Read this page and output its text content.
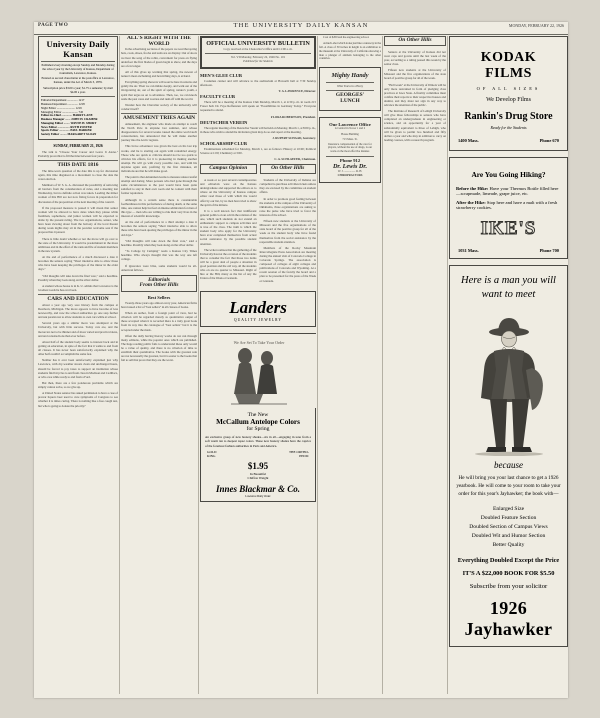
PAGE TWO	THE UNIVERSITY DAILY KANSAN	MONDAY, FEBRUARY 22, 1926
University Daily Kansan

Published every morning except Sunday and Monday during the school year by the University of Kansas, Department of Journalism, Lawrence, Kansas.

Entered as second class matter at the postoffice at Lawrence, Kansas, under the Act of March 3, 1879.

Subscription price $3.00 a year; $1.75 a semester; by mail $4.00 a year.

Editorial Department .............. 1217
Business Department .............. 1218
Night Editor ........................ 1219
Managing Editor ..................... 745
Editor-in-Chief .............. HARRY LANE
Business Manager ....... JOHN H. CRAMER
Managing Editor ........ WAYNE H. SHORT
News Editor ................ RUTH FOSTER
Sports Editor .............. PAUL BARKER
Society Editor ......... MARGARET SLOAN
SUNDAY, FEBRUARY 21, 1926

The talk is "Choose Your Career and Leave It Alone." Probably proverbial to fill the time between four years.

THIS DATE 1816

The time-worn question of the date this is up for discussion again, this time disguised as a movement to close the date the water election.

Members of W. S. G. A. discussed the possibility of removing all barriers from the consideration of rules, and a meeting last Wednesday, but no definite action was taken. Leading the minor women of this Hill are not now fixing forces in preparation for discussion of the proposition at the next meeting of the council.

If the proposed measure is passed it will mean that senior women will be allowed to have dates when they please while freshman, sophomore, and junior women will be expected to abide by the present ruling. The two organizations, senior, who have been viewing about from the balcony of the local theater during week nights may sit in the peculiar welcome seat if the proposal has it passed.

There is little doubt whether or not the move will go over to the state of the University. It would be predominant in the more ambitious and in the effort of the rank and file of student members in the new system.

At the end of performance of a much discussed a date it becomes the seniors saying "Short intensive able to allow those who have been keeping the privileges of the minor in the older days."

"Old thoughts will take down the final vote," said a headline. Possibly when they look along on the silver dollar.

A student whose house is in K. U. admits that Lawrence is the loveliest roads he has ever been.

CARS AND EDUCATION

About a year ago very sore history from the campus at Dearborn, Michigan. The move appears to have become of less noteworthy, and now the school authorities go one step further and ask parents not to allow students to own cars while at school.

Several years ago a similar move was attempted at the University, but with little success. Today cars are, and the motorcars not to be thinner and of more varied and practical sizes, and and constructions than ever before.

About half of the student body seems to interest back and in getting an education, in spite of the fact that it walks to and from all classes. It has never been satisfactorily explained why the other half couldn't accomplish the same feat.

Neither has it ever been satisfactorily explained just why Lawrence, with dry-weather streets clean and unchanged hours, should be forced to pay taxes to support an institution whose students find bicycles to and from class in Madison and Cadillacs, or who owe while ready to and from a Ford.

But then, there are a few ponderous problems which are simply cannot solve, so we give up.

A United States senator has asked permission to have a case of prewar liquors beer used to cure symptoms of Congress to see whether it is times curing. There is nothing like a free cough test, but who is going to donate the priority?

ALL'S RIGHT WITH THE
WORLD

In the advertising sections of the papers we read that spring hats, coats, shoes, frocks and suits are on display. Out of doors we hear the song of the robin, convenient for press on flying underfoot the first blades of green begin to show, and the days are a few longer.

All of this gives up warning that spring, the newest of nature's most enchanting and bewitching days, is at hand.

Everything spring showers will soon be here in returns and gently the air. Then we can inhale deeply, and walk out of the invigorating air, out of the spirit of spring, nature's youth, a spirit that urges us on to adventure. Then, too, we can knock aside the past cares and worries and rush off with the world.

Wonder how the Chevalier society of the university will conduct itself?

AMUSEMENT TRIES AGAIN

Amusement, the engineer who made an attempt to reach the North Pole in airplane last summer, and whose disappearance for several weeks caused the entire world such consternation, has announced that he will make another journey into the Arctic regions.

This brave adventurer was given the best on his last trip works, and he is starting out again with redoubled energy. Those who are quick to criticize should not be too quick to criticize his efforts, for it is pioneering in making another attempt. He will go with every possible care, and with his airplane again and, profiting by the first mistakes, all indications are that he will make good.

The point is that Amundsen learns to measure unsuccessful attempt and daring. More persons who had gone through the same circumstances to the past would have been quite satisfied to stay in their own room and be content with their former reputation.

Although in a certain sense there is considerable foolhardiness in this performance of daring death, at the same time, one cannot help but feel an intense admiration for men of this type — men who are willing to risk their very lives in the interest of scientific knowledge.

At the end of performance in a third attempt a date it becomes the seniors saying "Short intensive able to allow these who have been quoting the privileges of the minor in the old days."

"Old thoughts will take down the final vote," said a headline. Possibly when they look along on the silver dollar.

"To College by Camping" reads a Kansas City Times headline. Who always thought that was the way one left college.

If ignorance were bliss, some students would be all-American fellows.

Editorials
From Other Hills
Best Sellers

Twenty-three years ago almost every year, American firms have issued a list of "best sellers" in all classes of books.

When an author, from a foreign point of view, had no criterion will be regarded merely as quantitative output of these accepted when it is recorded there is a truly great book from its way into the catalogue of "best sellers" but it is the accepted under the mark.

Often the daily having literary works do not run through many editions, while the popular ones which are published. The huge reading public fails to understand these only would be a value of quality, and there is no criterion of time to establish their quantitative. The books with the greatest sale are not necessarily the greatest, but it is easier to the books that fail to sell that prove that they are the worst.

OFFICIAL UNIVERSITY BULLETIN
Copy received at the Chancellor's Office until 11:00 a. m.
Vol. VII Monday, February 22, 1926 No. 101
Published for the Students
MEN'S GLEE CLUB

Costumes cannot and will advance to the auditorium at Haworth hall at 7:30 Sunday afternoon.

T. A. LAWRENCE, Director.

FACULTY CLUB

There will be a meeting of the Kansas Club Monday, March 1, at 4:30 p. m. in room 215 Fraser hall. Dr. Faye Reffensten will speak on "Possibilities in Germany Today." Everyone requested to attend.

FLORA ROBERTSON, President.

DEUTSCHER VEREIN

The regular meeting of the Deutscher Verein will be held on Monday, March 1, at 8:00 p. m., in those who wish to attend the invitation given may do so and report at the meeting.

J. RUPERT SCHAAD, Secretary.

SCHOLARSHIP CLUB

Examinations scheduled for Monday, March 1, are as follows: History at 10:00; Political Science at 1:00; Chemistry at 3:00.

C. A. SCHLAEFER, Chairman.

Campus Opinion

A week or so past several contemporaries and editorials were on the Kansas undergraduate and supported the editors as to where on the University of Kansas campus editor read those of with which the would offer by our list, by no men have tried to show the spirit of the minute.

It is a well known fact that indifferent general politics on an odd in the relation of the one, which such students do not extend an enthusiastic support to campus activities and is true of the class. The truth is which the student body who apply for the University have ever completed themselves from actual social assistance by the possible student attention.

The writer realizes that the gathering of the University has not the occasion of the students that to consider the fact that those two items will be a great deal of people a situation in good position and the old way, all the students who on are no quarter to Missouri. Right of hire or the Hill, many as the list of any the Union of the Week or Granada.

On Other Hills

Students of the University of Indiana are compelled to purchase activities tickets unless they are excused by the committee on student affairs.

In order to promote good feeling between the students at the campus of the University of Oklahoma, three organizations are asking to raise the pulse who have tried to favor the interests of the school.

Fifteen new students at the University of Missouri and the five organizations of the state board of the positive group for all of the week as the student body who have found themselves from the social assistance by the responsible student attention.

Members of the Rocky Mountain Intercollegiate Press Association are meeting during the annual visit of Colorado College in Colorado Springs. The association is composed of colleges of eight colleges and publications of Colorado and Wyoming. At a recent session of the faculty the board and a plan to be presented for the press of the Week or Granada.

Landers
QUALITY JEWELRY
We Are Set To Take Your Order
The New
McCallum Antelope Colors
for Spring
An exclusive group of new hosiery shades—six in all—engaging in tone from a soft warm tan to deepest topaz colors. These new hosiery shades have the caprice of the foremost fashion authorities in Paris and America.
GOLD
KING
THE ORTHO-
PEDIC
$1.95
In Beautiful
Chiffon Weight
Innes Blackmar & Co.
Lawrence Daily Order

Cost of $200 and the engineering school.

A much-shot which looks just like a runaway in the fall. A class of 50 inches in height is an exhibition to the museum at the University of California showing a man a plunger of animals belonging to the other countries.

Mighty Handy
What You're in a Hurry
GEORGES' LUNCH
Our Lawrence Office

is Central in Tower 1 and 2

House Building

713 Mass. St.

Insurance compensation of the care for players, without the use of drugs, is our work on the most effective manner.

Phone 912
Dr. Lewis Dr.
W. J. ................ R. H.
CHIROPRACTORS
On Other Hills

Seniors at the University of Kansas did not wear caps and gowns until the last week of the year, according to a ruling passed this week by the senior class.

Fifteen new students at the University of Missouri and the five organizations of the state board of positive group for all of the week.

"Hell week" at the University of Illinois will be only more restrained in form of pledging class practices at Iowa State. A finality committee must confine their reports to their respective houses and alumni, and they must not sign in any way to advance the attention of the public.

The Institute of Research of Lehigh University will give three fellowships to seniors who have completed an undergraduate in engineering or science, and an opportunity for a year of substantially equivalent to three of Lehigh, who will be given to permit two hundred and fifty dollars a year and who may in addition to carry on leading courses, with a research program.

KODAK FILMS
OF ALL SIZES
We Develop Films
Rankin's Drug Store
Ready for the Students
1400 Mass.	Phone 670
Are You Going Hiking?
Before the Hike: Have your Thermos Bottle filled here—scrapmade, limeade, grape juice, etc.
After the Hike: Stop here and have a malt with a fresh strawberry cookies.
IKE'S
1031 Mass.	Phone 700
Here is a man you will
want to meet
because
He will bring you your last chance to get a 1926 yearbook. He will come to your room to take your order for this year's Jayhawker; the book with—
Enlarged Size
Doubled Feature Section
Doubled Section of Campus Views
Doubled Wit and Humor Section
Better Quality
Everything Doubled Except the Price
IT'S A $22,000 BOOK FOR $5.50
Subscribe from your solicitor
1926 Jayhawker
